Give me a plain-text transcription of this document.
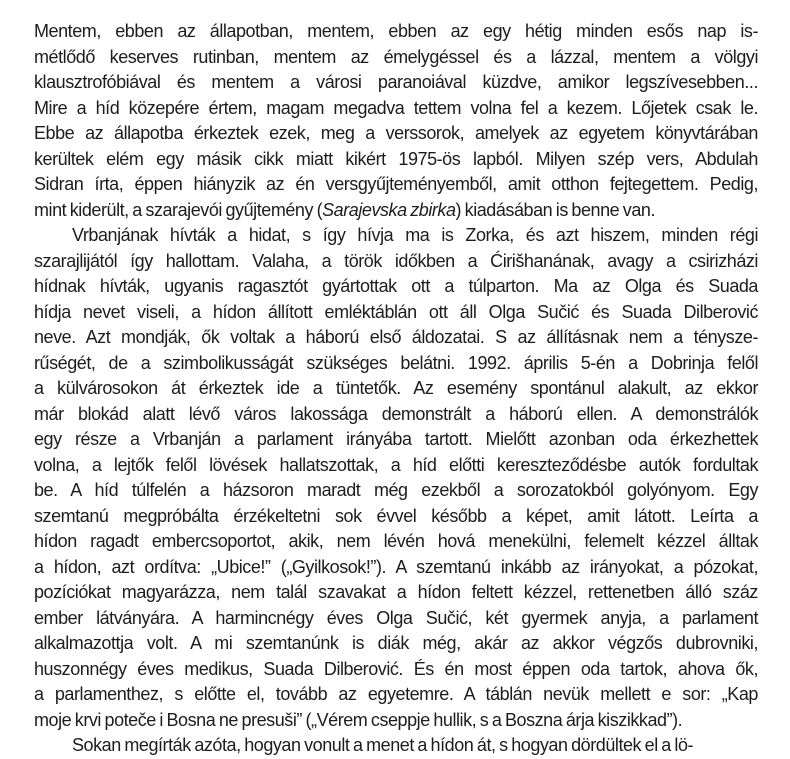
Mentem, ebben az állapotban, mentem, ebben az egy hétig minden esős nap is-
métlődő keserves rutinban, mentem az émelygéssel és a lázzal, mentem a völgyi
klausztrofóbiával és mentem a városi paranoiával küzdve, amikor legszívesebben...
Mire a híd közepére értem, magam megadva tettem volna fel a kezem. Lőjetek csak le.
Ebbe az állapotba érkeztek ezek, meg a verssorok, amelyek az egyetem könyvtárában
kerültek elém egy másik cikk miatt kikért 1975-ös lapból. Milyen szép vers, Abdulah
Sidran írta, éppen hiányzik az én versgyűjteményemből, amit otthon fejtegettem. Pedig,
mint kiderült, a szarajevói gyűjtemény (Sarajevska zbirka) kiadásában is benne van.
Vrbanjának hívták a hidat, s így hívja ma is Zorka, és azt hiszem, minden régi
szarajlijától így hallottam. Valaha, a török időkben a Ćirišhanának, avagy a csirizházi
hídnak hívták, ugyanis ragasztót gyártottak ott a túlparton. Ma az Olga és Suada
hídja nevet viseli, a hídon állított emléktáblán ott áll Olga Sučić és Suada Dilberović
neve. Azt mondják, ők voltak a háború első áldozatai. S az állításnak nem a ténysze-
rűségét, de a szimbolikusságát szükséges belátni. 1992. április 5-én a Dobrinja felől
a külvárosokon át érkeztek ide a tüntetők. Az esemény spontánul alakult, az ekkor
már blokád alatt lévő város lakossága demonstrált a háború ellen. A demonstrálók
egy része a Vrbanján a parlament irányába tartott. Mielőtt azonban oda érkezhettek
volna, a lejtők felől lövések hallatszottak, a híd előtti kereszteződésbe autók fordultak
be. A híd túlfelén a házsoron maradt még ezekből a sorozatokból golyónyom. Egy
szemtanú megpróbálta érzékeltetni sok évvel később a képet, amit látott. Leírta a
hídon ragadt embercsoportot, akik, nem lévén hová menekülni, felemelt kézzel álltak
a hídon, azt ordítva: „Ubice!” („Gyilkosok!”). A szemtanú inkább az irányokat, a pózokat,
pozíciókat magyarázza, nem talál szavakat a hídon feltett kézzel, rettenetben álló száz
ember látványára. A harmincnégy éves Olga Sučić, két gyermek anyja, a parlament
alkalmazottja volt. A mi szemtanúnk is diák még, akár az akkor végzős dubrovniki,
huszonnégy éves medikus, Suada Dilberović. És én most éppen oda tartok, ahova ők,
a parlamenthez, s előtte el, tovább az egyetemre. A táblán nevük mellett e sor: „Kap
moje krvi poteče i Bosna ne presuši” („Vérem cseppje hullik, s a Boszna árja kiszikkad”).
Sokan megírták azóta, hogyan vonult a menet a hídon át, s hogyan dördültek el a lö-
